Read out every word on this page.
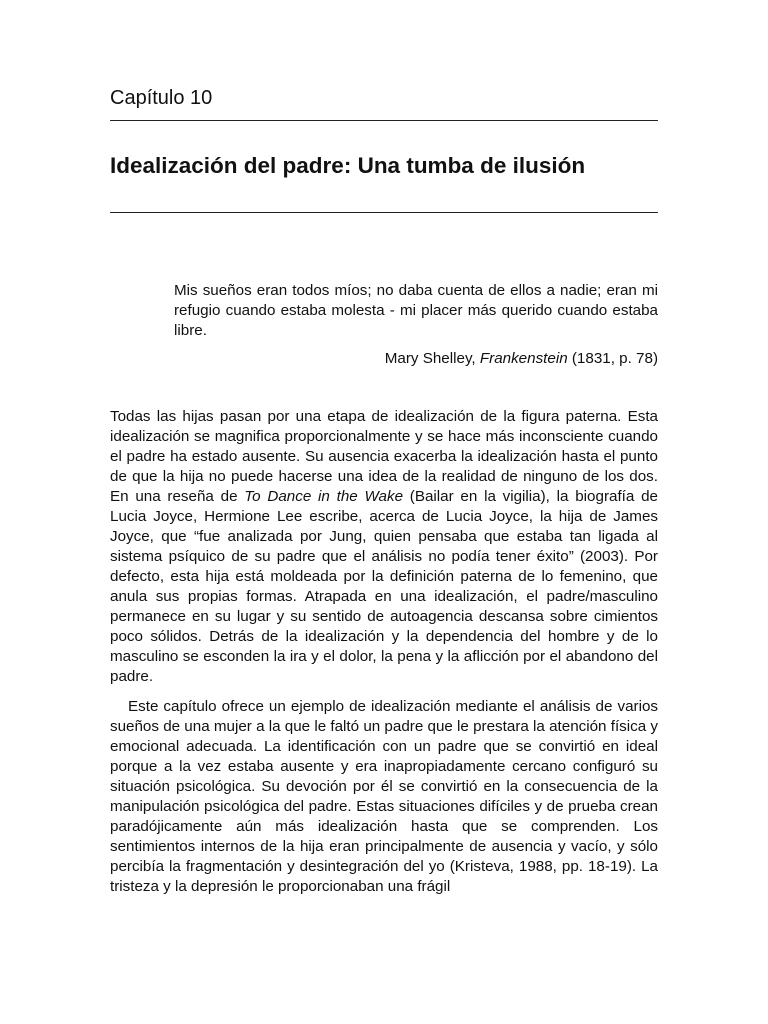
Capítulo 10
Idealización del padre: Una tumba de ilusión

Mis sueños eran todos míos; no daba cuenta de ellos a nadie; eran mi refugio cuando estaba molesta - mi placer más querido cuando estaba libre.

Mary Shelley, Frankenstein (1831, p. 78)

Todas las hijas pasan por una etapa de idealización de la figura paterna. Esta idealización se magnifica proporcionalmente y se hace más inconsciente cuando el padre ha estado ausente. Su ausencia exacerba la idealización hasta el punto de que la hija no puede hacerse una idea de la realidad de ninguno de los dos. En una reseña de To Dance in the Wake (Bailar en la vigilia), la biografía de Lucia Joyce, Hermione Lee escribe, acerca de Lucia Joyce, la hija de James Joyce, que “fue analizada por Jung, quien pensaba que estaba tan ligada al sistema psíquico de su padre que el análisis no podía tener éxito” (2003). Por defecto, esta hija está moldeada por la definición paterna de lo femenino, que anula sus propias formas. Atrapada en una idealización, el padre/masculino permanece en su lugar y su sentido de autoagencia descansa sobre cimientos poco sólidos. Detrás de la idealización y la dependencia del hombre y de lo masculino se esconden la ira y el dolor, la pena y la aflicción por el abandono del padre.

Este capítulo ofrece un ejemplo de idealización mediante el análisis de varios sueños de una mujer a la que le faltó un padre que le prestara la atención física y emocional adecuada. La identificación con un padre que se convirtió en ideal porque a la vez estaba ausente y era inapropiadamente cercano configuró su situación psicológica. Su devoción por él se convirtió en la consecuencia de la manipulación psicológica del padre. Estas situaciones difíciles y de prueba crean paradójicamente aún más idealización hasta que se comprenden. Los sentimientos internos de la hija eran principalmente de ausencia y vacío, y sólo percibía la fragmentación y desintegración del yo (Kristeva, 1988, pp. 18-19). La tristeza y la depresión le proporcionaban una frágil
